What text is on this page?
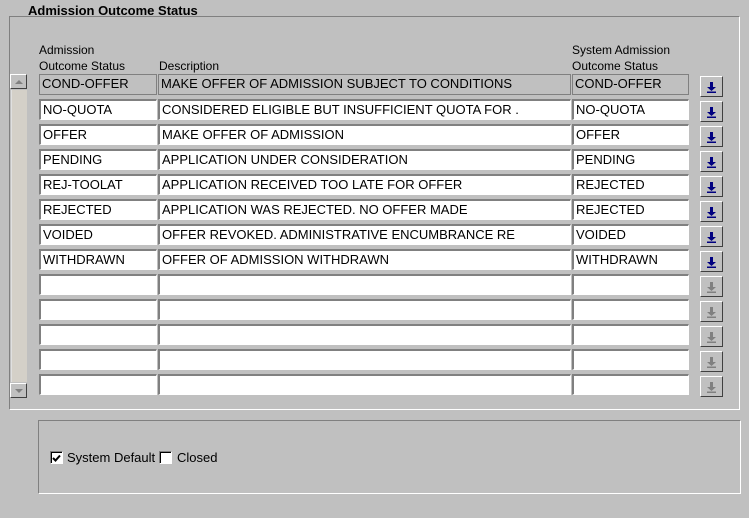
Admission Outcome Status
Admission
Outcome Status	Description
System Admission
Outcome Status
COND-OFFER	MAKE OFFER OF ADMISSION SUBJECT TO CONDITIONS	COND-OFFER
NO-QUOTA	CONSIDERED ELIGIBLE BUT INSUFFICIENT QUOTA FOR .	NO-QUOTA
OFFER	MAKE OFFER OF ADMISSION	OFFER
PENDING	APPLICATION UNDER CONSIDERATION	PENDING
REJ-TOOLAT	APPLICATION RECEIVED TOO LATE FOR OFFER	REJECTED
REJECTED	APPLICATION WAS REJECTED. NO OFFER MADE	REJECTED
VOIDED	OFFER REVOKED. ADMINISTRATIVE ENCUMBRANCE RE	VOIDED
WITHDRAWN	OFFER OF ADMISSION WITHDRAWN	WITHDRAWN
System Default Closed
